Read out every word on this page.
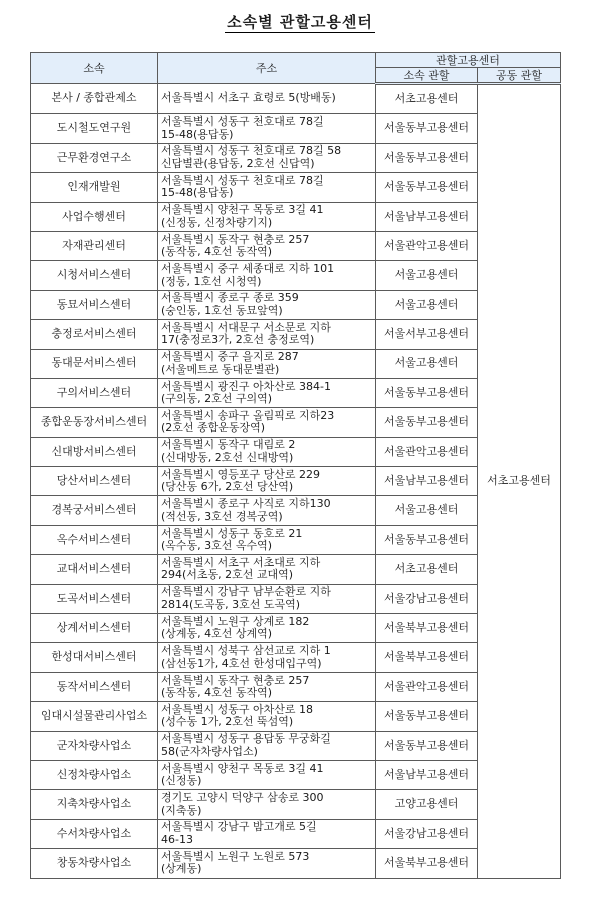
소속별 관할고용센터
소속	주소	관할고용센터	
		소속 관할	공동 관할
본사 / 종합관제소	서울특별시 서초구 효령로 5(방배동)	서초고용센터	서초고용센터
도시철도연구원	서울특별시 성동구 천호대로 78길
15-48(용답동)	서울동부고용센터	
근무환경연구소	서울특별시 성동구 천호대로 78길 58
신답별관(용답동, 2호선 신답역)	서울동부고용센터	
인재개발원	서울특별시 성동구 천호대로 78길
15-48(용답동)	서울동부고용센터	
사업수행센터	서울특별시 양천구 목동로 3길 41
(신정동, 신정차량기지)	서울남부고용센터	
자재관리센터	서울특별시 동작구 현충로 257
(동작동, 4호선 동작역)	서울관악고용센터	
시청서비스센터	서울특별시 중구 세종대로 지하 101
(정동, 1호선 시청역)	서울고용센터	
동묘서비스센터	서울특별시 종로구 종로 359
(숭인동, 1호선 동묘앞역)	서울고용센터	
충정로서비스센터	서울특별시 서대문구 서소문로 지하
17(충정로3가, 2호선 충정로역)	서울서부고용센터	
동대문서비스센터	서울특별시 중구 을지로 287
(서울메트로 동대문별관)	서울고용센터	
구의서비스센터	서울특별시 광진구 아차산로 384-1
(구의동, 2호선 구의역)	서울동부고용센터	
종합운동장서비스센터	서울특별시 송파구 올림픽로 지하23
(2호선 종합운동장역)	서울동부고용센터	
신대방서비스센터	서울특별시 동작구 대림로 2
(신대방동, 2호선 신대방역)	서울관악고용센터	
당산서비스센터	서울특별시 영등포구 당산로 229
(당산동 6가, 2호선 당산역)	서울남부고용센터	
경복궁서비스센터	서울특별시 종로구 사직로 지하130
(적선동, 3호선 경복궁역)	서울고용센터	
옥수서비스센터	서울특별시 성동구 동호로 21
(옥수동, 3호선 옥수역)	서울동부고용센터	
교대서비스센터	서울특별시 서초구 서초대로 지하
294(서초동, 2호선 교대역)	서초고용센터	
도곡서비스센터	서울특별시 강남구 남부순환로 지하
2814(도곡동, 3호선 도곡역)	서울강남고용센터	
상계서비스센터	서울특별시 노원구 상계로 182
(상계동, 4호선 상계역)	서울북부고용센터	
한성대서비스센터	서울특별시 성북구 삼선교로 지하 1
(삼선동1가, 4호선 한성대입구역)	서울북부고용센터	
동작서비스센터	서울특별시 동작구 현충로 257
(동작동, 4호선 동작역)	서울관악고용센터	
임대시설물관리사업소	서울특별시 성동구 아차산로 18
(성수동 1가, 2호선 뚝섬역)	서울동부고용센터	
군자차량사업소	서울특별시 성동구 용답동 무궁화길
58(군자차량사업소)	서울동부고용센터	
신정차량사업소	서울특별시 양천구 목동로 3길 41
(신정동)	서울남부고용센터	
지축차량사업소	경기도 고양시 덕양구 삼송로 300
(지축동)	고양고용센터	
수서차량사업소	서울특별시 강남구 밤고개로 5길
46-13	서울강남고용센터	
창동차량사업소	서울특별시 노원구 노원로 573
(상계동)	서울북부고용센터	
